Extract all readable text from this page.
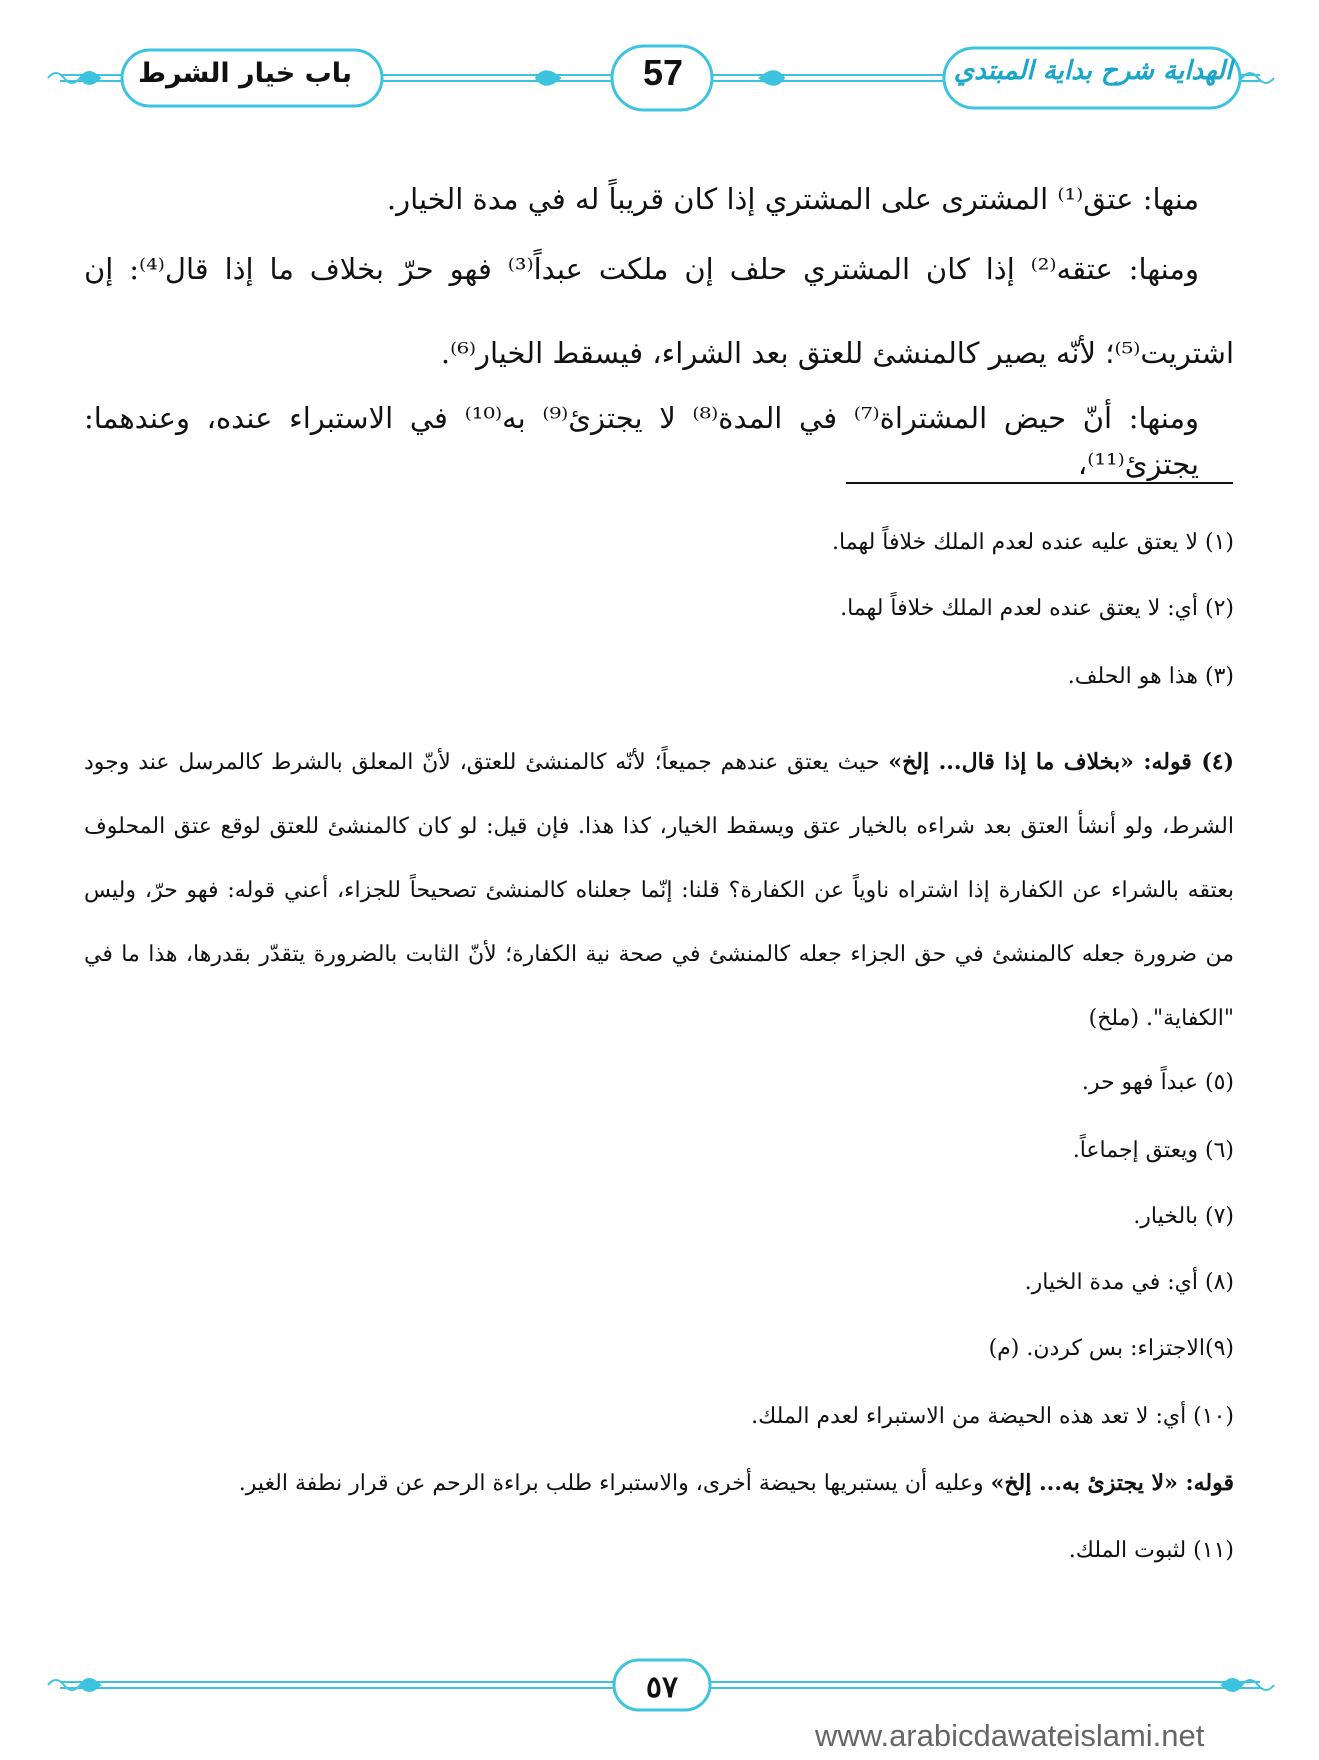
باب خيار الشرط	57	الهداية شرح بداية المبتدي
منها: عتق⁽¹⁾ المشترى على المشتري إذا كان قريباً له في مدة الخيار.
ومنها: عتقه⁽²⁾ إذا كان المشتري حلف إن ملكت عبداً⁽³⁾ فهو حرّ بخلاف ما إذا قال⁽⁴⁾: إن
اشتريت⁽⁵⁾؛ لأنّه يصير كالمنشئ للعتق بعد الشراء، فيسقط الخيار⁽⁶⁾.
ومنها: أنّ حيض المشتراة⁽⁷⁾ في المدة⁽⁸⁾ لا يجتزئ⁽⁹⁾ به⁽¹⁰⁾ في الاستبراء عنده، وعندهما: يجتزئ⁽¹¹⁾،
(١) لا يعتق عليه عنده لعدم الملك خلافاً لهما.
(٢) أي: لا يعتق عنده لعدم الملك خلافاً لهما.
(٣) هذا هو الحلف.
(٤) قوله: «بخلاف ما إذا قال... إلخ» حيث يعتق عندهم جميعاً؛ لأنّه كالمنشئ للعتق، لأنّ المعلق بالشرط كالمرسل عند وجود الشرط، ولو أنشأ العتق بعد شراءه بالخيار عتق ويسقط الخيار، كذا هذا. فإن قيل: لو كان كالمنشئ للعتق لوقع عتق المحلوف بعتقه بالشراء عن الكفارة إذا اشتراه ناوياً عن الكفارة؟ قلنا: إنّما جعلناه كالمنشئ تصحيحاً للجزاء، أعني قوله: فهو حرّ، وليس من ضرورة جعله كالمنشئ في حق الجزاء جعله كالمنشئ في صحة نية الكفارة؛ لأنّ الثابت بالضرورة يتقدّر بقدرها، هذا ما في "الكفاية". (ملخ)
(٥) عبداً فهو حر.
(٦) ويعتق إجماعاً.
(٧) بالخيار.
(٨) أي: في مدة الخيار.
(٩)الاجتزاء: بس كردن. (م)
(١٠) أي: لا تعد هذه الحيضة من الاستبراء لعدم الملك.
قوله: «لا يجتزئ به... إلخ» وعليه أن يستبريها بحيضة أخرى، والاستبراء طلب براءة الرحم عن قرار نطفة الغير.
(١١) لثبوت الملك.
٥٧
www.arabicdawateislami.net
